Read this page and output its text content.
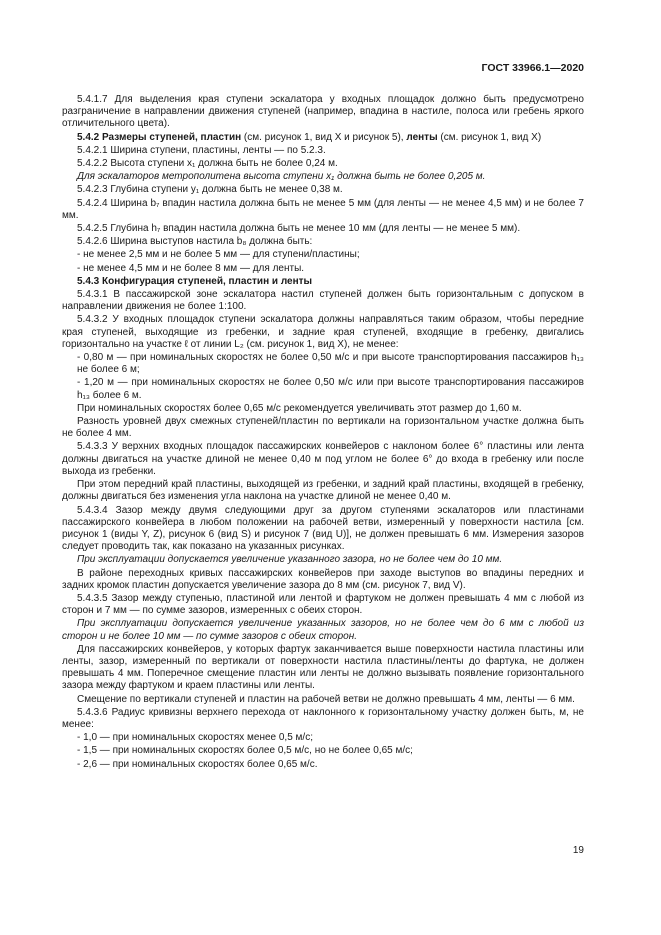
ГОСТ 33966.1—2020
5.4.1.7 Для выделения края ступени эскалатора у входных площадок должно быть предусмотрено разграничение в направлении движения ступеней (например, впадина в настиле, полоса или гребень яркого отличительного цвета).
5.4.2 Размеры ступеней, пластин (см. рисунок 1, вид X и рисунок 5), ленты (см. рисунок 1, вид X)
5.4.2.1 Ширина ступени, пластины, ленты — по 5.2.3.
5.4.2.2 Высота ступени x₁ должна быть не более 0,24 м.
Для эскалаторов метрополитена высота ступени x₁ должна быть не более 0,205 м.
5.4.2.3 Глубина ступени y₁ должна быть не менее 0,38 м.
5.4.2.4 Ширина b₇ впадин настила должна быть не менее 5 мм (для ленты — не менее 4,5 мм) и не более 7 мм.
5.4.2.5 Глубина h₇ впадин настила должна быть не менее 10 мм (для ленты — не менее 5 мм).
5.4.2.6 Ширина выступов настила b₈ должна быть:
- не менее 2,5 мм и не более 5 мм — для ступени/пластины;
- не менее 4,5 мм и не более 8 мм — для ленты.
5.4.3 Конфигурация ступеней, пластин и ленты
5.4.3.1 В пассажирской зоне эскалатора настил ступеней должен быть горизонтальным с допуском в направлении движения не более 1:100.
5.4.3.2 У входных площадок ступени эскалатора должны направляться таким образом, чтобы передние края ступеней, выходящие из гребенки, и задние края ступеней, входящие в гребенку, двигались горизонтально на участке ℓ от линии L₂ (см. рисунок 1, вид X), не менее:
- 0,80 м — при номинальных скоростях не более 0,50 м/с и при высоте транспортирования пассажиров h₁₃ не более 6 м;
- 1,20 м — при номинальных скоростях не более 0,50 м/с или при высоте транспортирования пассажиров h₁₃ более 6 м.
При номинальных скоростях более 0,65 м/с рекомендуется увеличивать этот размер до 1,60 м.
Разность уровней двух смежных ступеней/пластин по вертикали на горизонтальном участке должна быть не более 4 мм.
5.4.3.3 У верхних входных площадок пассажирских конвейеров с наклоном более 6° пластины или лента должны двигаться на участке длиной не менее 0,40 м под углом не более 6° до входа в гребенку или после выхода из гребенки.
При этом передний край пластины, выходящей из гребенки, и задний край пластины, входящей в гребенку, должны двигаться без изменения угла наклона на участке длиной не менее 0,40 м.
5.4.3.4 Зазор между двумя следующими друг за другом ступенями эскалаторов или пластинами пассажирского конвейера в любом положении на рабочей ветви, измеренный у поверхности настила [см. рисунок 1 (виды Y, Z), рисунок 6 (вид S) и рисунок 7 (вид U)], не должен превышать 6 мм. Измерения зазоров следует проводить так, как показано на указанных рисунках.
При эксплуатации допускается увеличение указанного зазора, но не более чем до 10 мм.
В районе переходных кривых пассажирских конвейеров при заходе выступов во впадины передних и задних кромок пластин допускается увеличение зазора до 8 мм (см. рисунок 7, вид V).
5.4.3.5 Зазор между ступенью, пластиной или лентой и фартуком не должен превышать 4 мм с любой из сторон и 7 мм — по сумме зазоров, измеренных с обеих сторон.
При эксплуатации допускается увеличение указанных зазоров, но не более чем до 6 мм с любой из сторон и не более 10 мм — по сумме зазоров с обеих сторон.
Для пассажирских конвейеров, у которых фартук заканчивается выше поверхности настила пластины или ленты, зазор, измеренный по вертикали от поверхности настила пластины/ленты до фартука, не должен превышать 4 мм. Поперечное смещение пластин или ленты не должно вызывать появление горизонтального зазора между фартуком и краем пластины или ленты.
Смещение по вертикали ступеней и пластин на рабочей ветви не должно превышать 4 мм, ленты — 6 мм.
5.4.3.6 Радиус кривизны верхнего перехода от наклонного к горизонтальному участку должен быть, м, не менее:
- 1,0 — при номинальных скоростях менее 0,5 м/с;
- 1,5 — при номинальных скоростях более 0,5 м/с, но не более 0,65 м/с;
- 2,6 — при номинальных скоростях более 0,65 м/с.
19
